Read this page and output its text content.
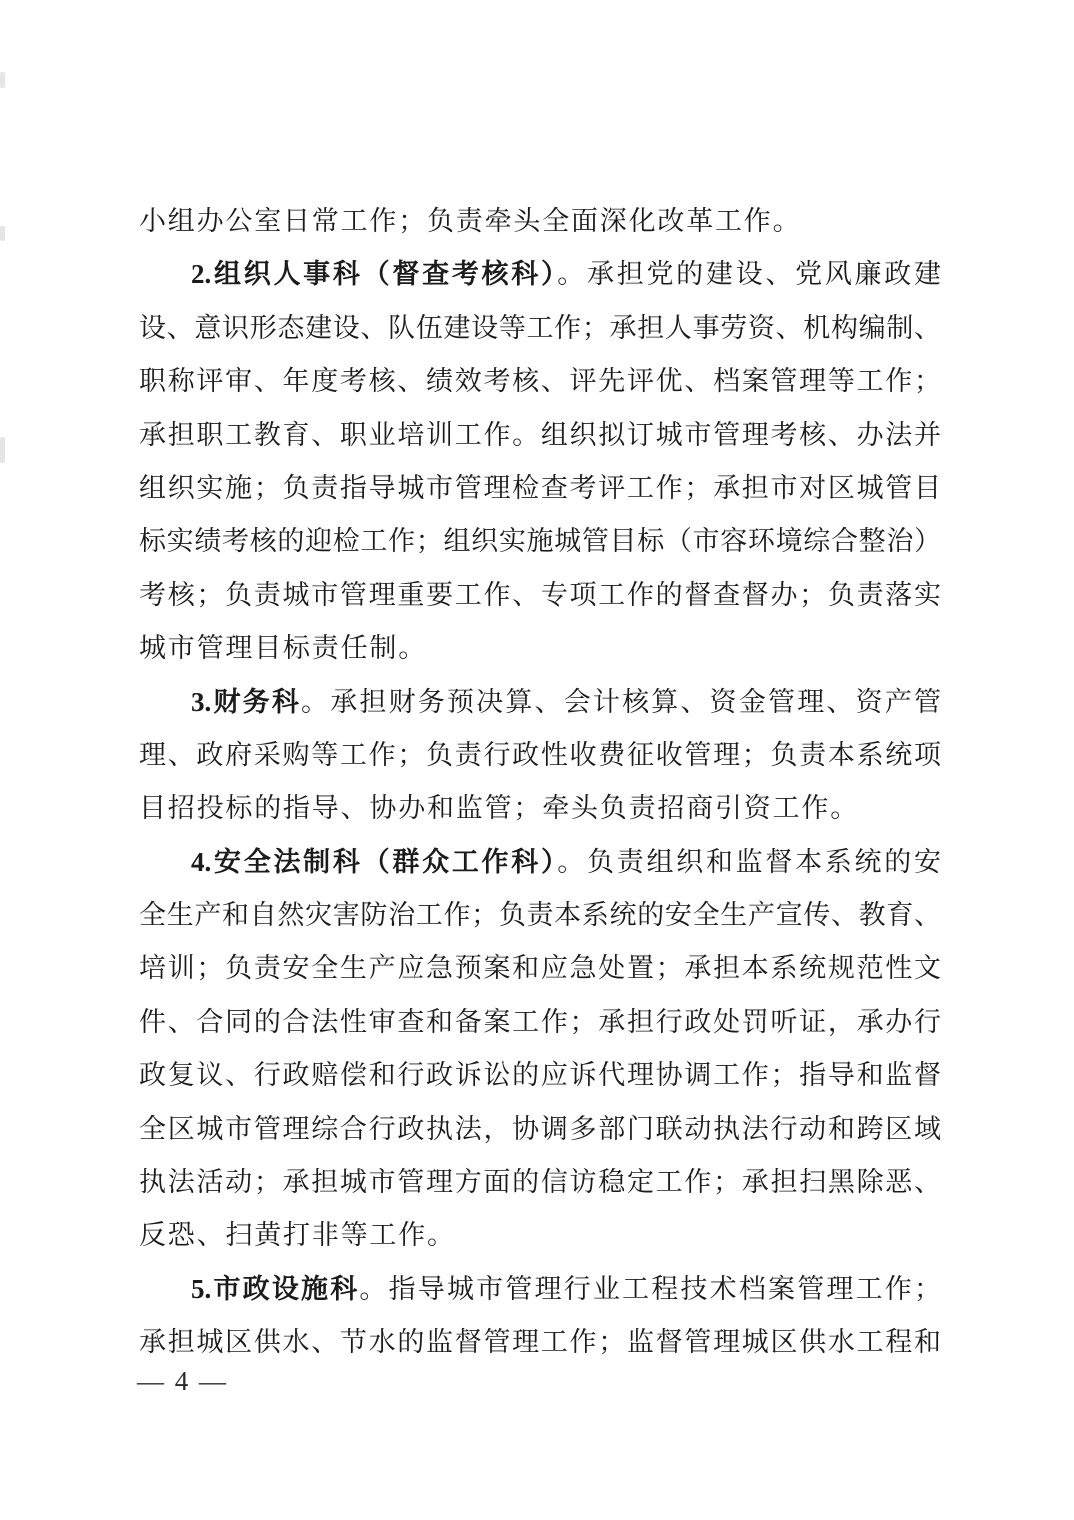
小组办公室日常工作；负责牵头全面深化改革工作。
2.组织人事科（督查考核科）。承担党的建设、党风廉政建
设、意识形态建设、队伍建设等工作；承担人事劳资、机构编制、
职称评审、年度考核、绩效考核、评先评优、档案管理等工作；
承担职工教育、职业培训工作。组织拟订城市管理考核、办法并
组织实施；负责指导城市管理检查考评工作；承担市对区城管目
标实绩考核的迎检工作；组织实施城管目标（市容环境综合整治）
考核；负责城市管理重要工作、专项工作的督查督办；负责落实
城市管理目标责任制。
3.财务科。承担财务预决算、会计核算、资金管理、资产管
理、政府采购等工作；负责行政性收费征收管理；负责本系统项
目招投标的指导、协办和监管；牵头负责招商引资工作。
4.安全法制科（群众工作科）。负责组织和监督本系统的安
全生产和自然灾害防治工作；负责本系统的安全生产宣传、教育、
培训；负责安全生产应急预案和应急处置；承担本系统规范性文
件、合同的合法性审查和备案工作；承担行政处罚听证，承办行
政复议、行政赔偿和行政诉讼的应诉代理协调工作；指导和监督
全区城市管理综合行政执法，协调多部门联动执法行动和跨区域
执法活动；承担城市管理方面的信访稳定工作；承担扫黑除恶、
反恐、扫黄打非等工作。
5.市政设施科。指导城市管理行业工程技术档案管理工作；
承担城区供水、节水的监督管理工作；监督管理城区供水工程和
— 4 —
